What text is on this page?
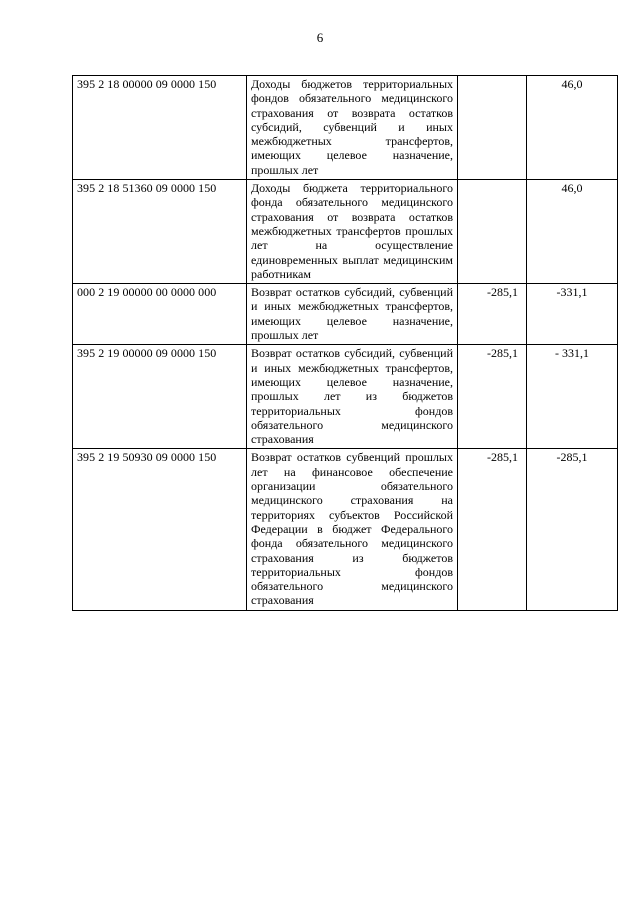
6
395 2 18 00000 09 0000 150	Доходы бюджетов территориальных фондов обязательного медицинского страхования от возврата остатков субсидий, субвенций и иных межбюджетных трансфертов, имеющих целевое назначение, прошлых лет		46,0
395 2 18 51360 09 0000 150	Доходы бюджета территориального фонда обязательного медицинского страхования от возврата остатков межбюджетных трансфертов прошлых лет на осуществление единовременных выплат медицинским работникам		46,0
000 2 19 00000 00 0000 000	Возврат остатков субсидий, субвенций и иных межбюджетных трансфертов, имеющих целевое назначение, прошлых лет	-285,1	-331,1
395 2 19 00000 09 0000 150	Возврат остатков субсидий, субвенций и иных межбюджетных трансфертов, имеющих целевое назначение, прошлых лет из бюджетов территориальных фондов обязательного медицинского страхования	-285,1	- 331,1
395 2 19 50930 09 0000 150	Возврат остатков субвенций прошлых лет на финансовое обеспечение организации обязательного медицинского страхования на территориях субъектов Российской Федерации в бюджет Федерального фонда обязательного медицинского страхования из бюджетов территориальных фондов обязательного медицинского страхования	-285,1	-285,1
